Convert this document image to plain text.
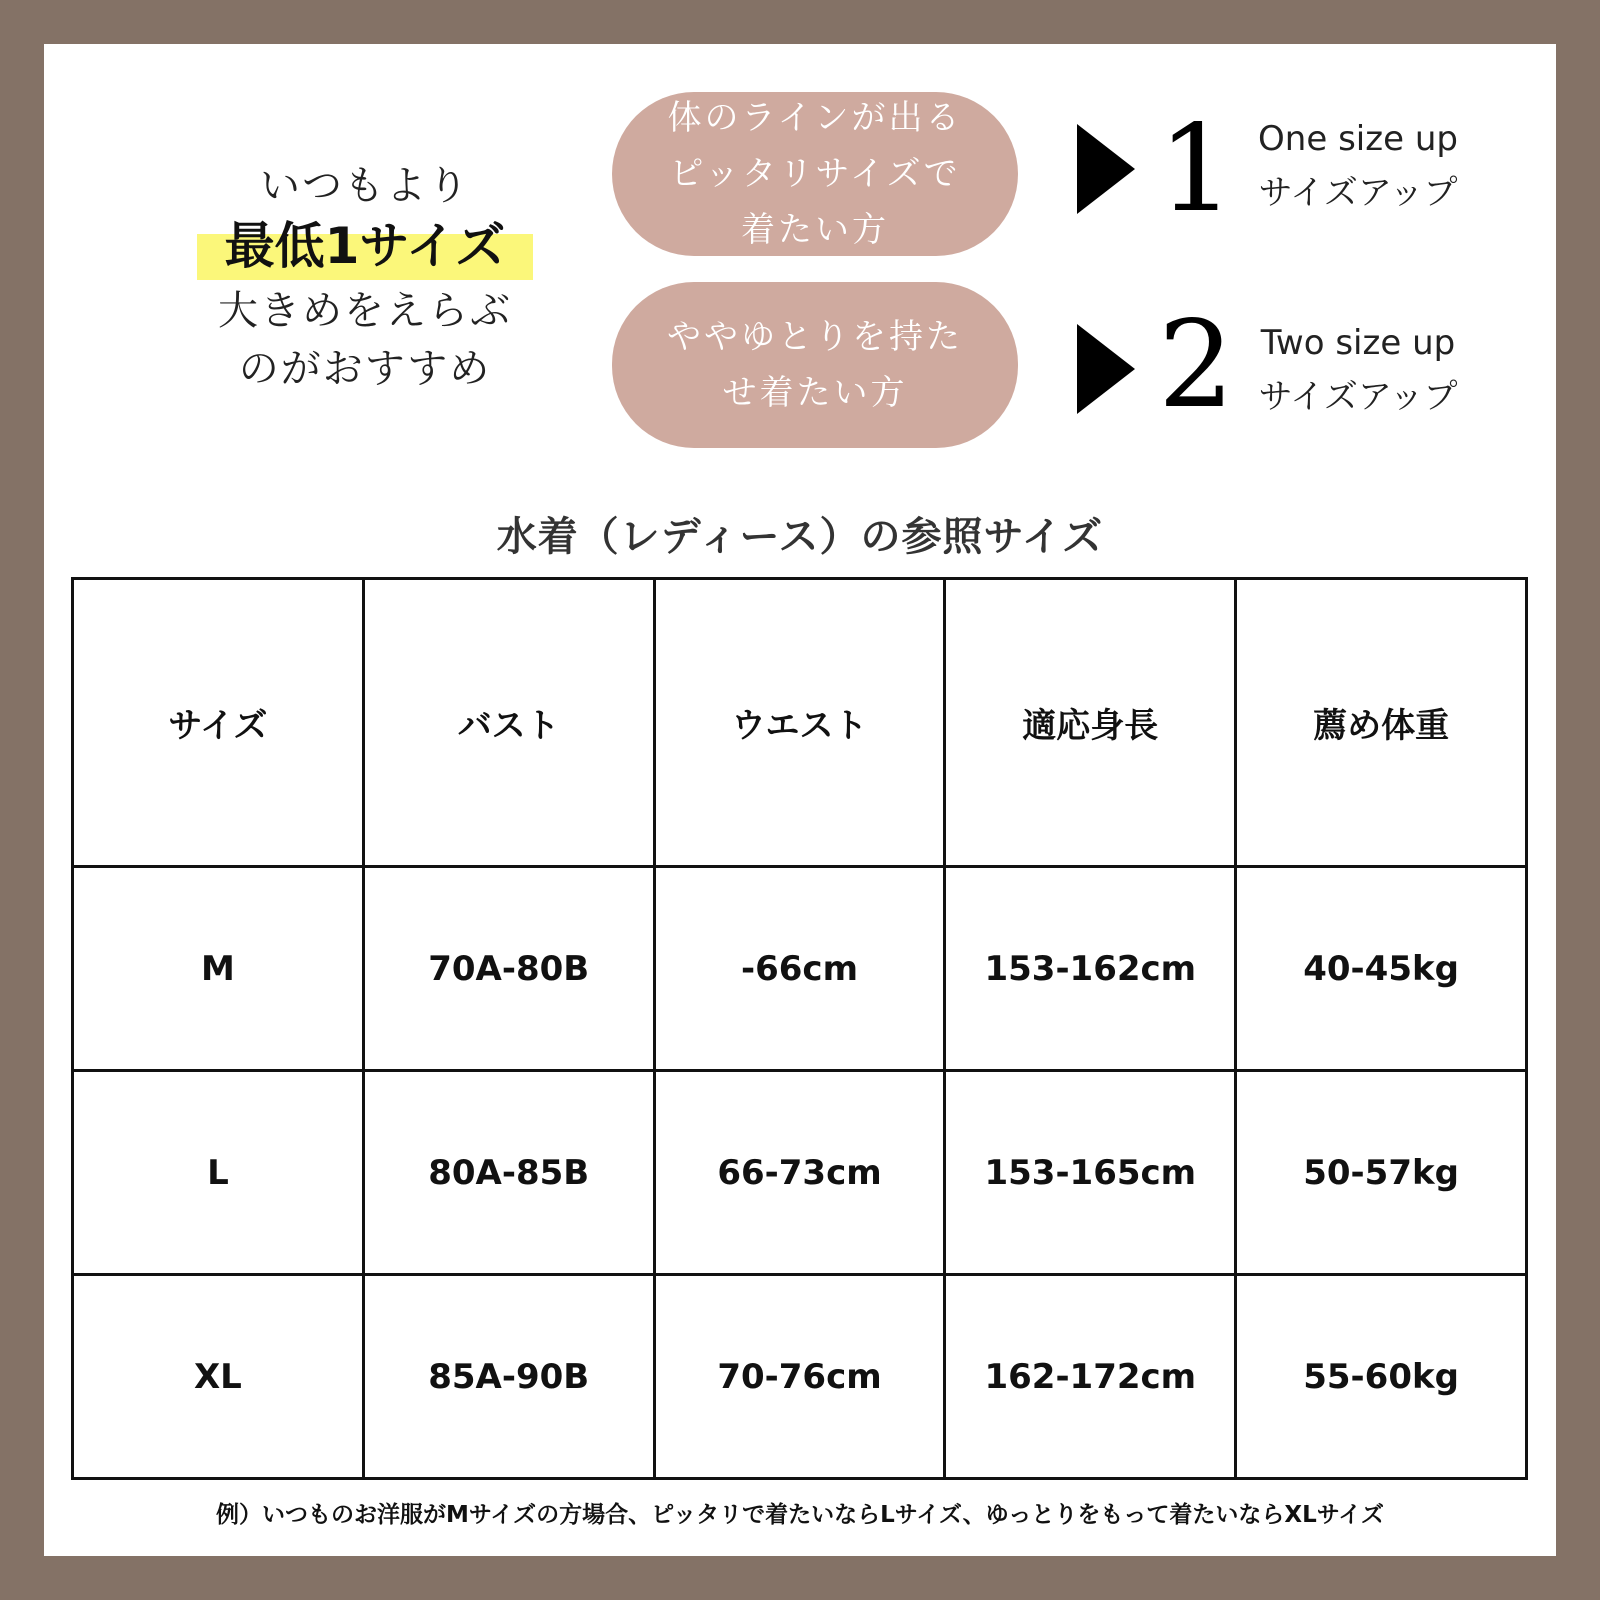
いつもより
最低1サイズ
大きめをえらぶ
のがおすすめ
体のラインが出る
ピッタリサイズで
着たい方	1 One size up
サイズアップ
ややゆとりを持た
せ着たい方	2 Two size up
サイズアップ
水着（レディース）の参照サイズ
サイズ	バスト	ウエスト	適応身長	薦め体重
M	70A-80B	-66cm	153-162cm	40-45kg
L	80A-85B	66-73cm	153-165cm	50-57kg
XL	85A-90B	70-76cm	162-172cm	55-60kg
例）いつものお洋服がMサイズの方場合、ピッタリで着たいならLサイズ、ゆっとりをもって着たいならXLサイズ
